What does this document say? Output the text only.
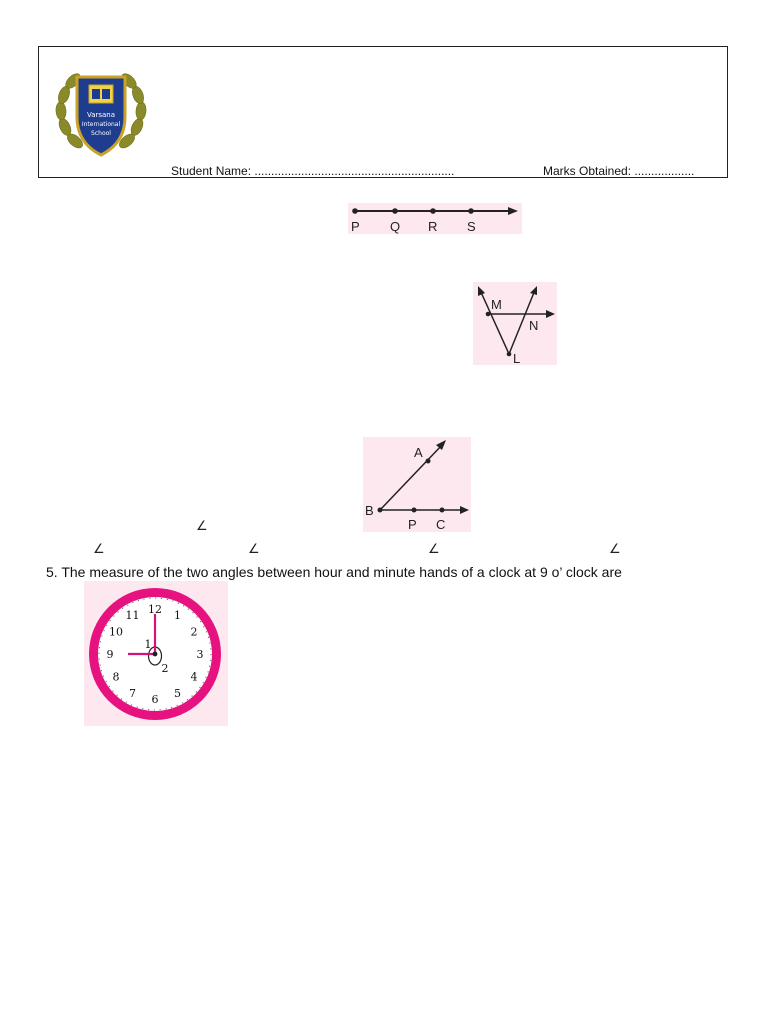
Varsana
International
School
Student Name: ............................................................	Marks Obtained: ..................
P Q R S
M
N
L
A
B
P C
∠
∠	∠	∠	∠
5. The measure of the two angles between hour and minute hands of a clock at 9 o’ clock are
12 1
2
3
4
5
6
7
8
9
10
11
1
2
